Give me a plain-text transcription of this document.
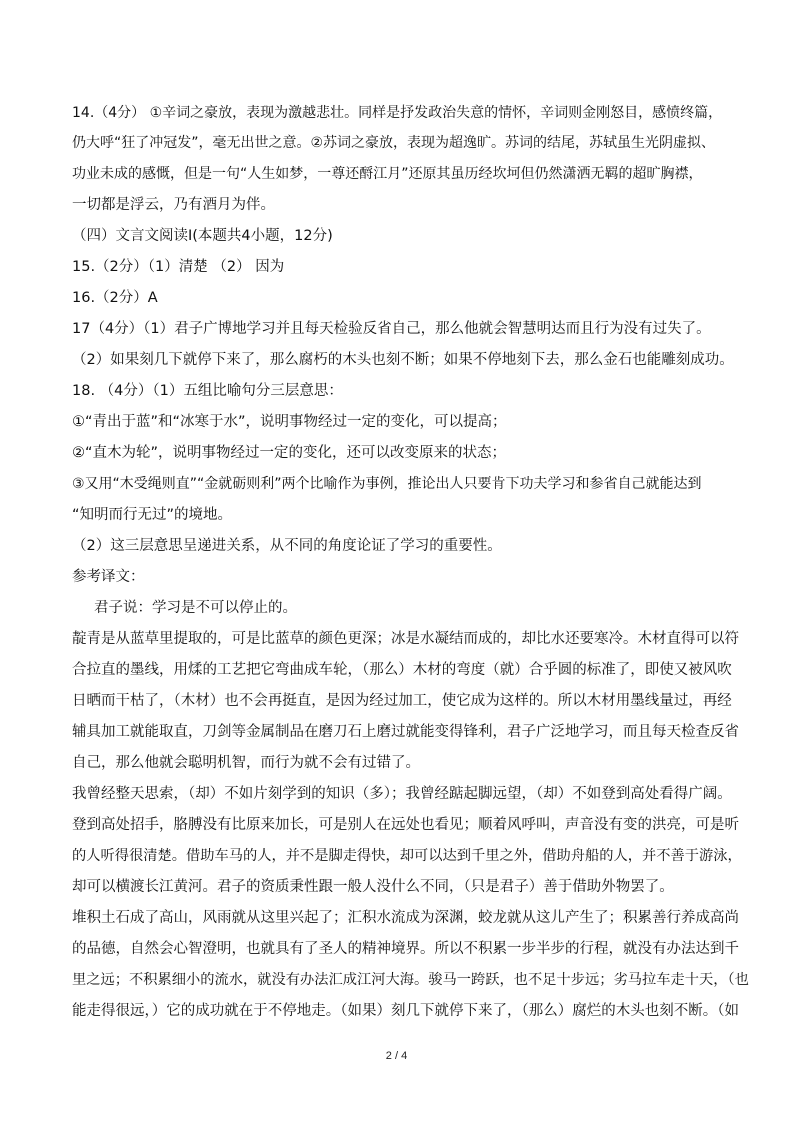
14.（4分） ①辛词之豪放，表现为激越悲壮。同样是抒发政治失意的情怀，辛词则金刚怒目，感愤终篇，
仍大呼“狂了冲冠发”，毫无出世之意。②苏词之豪放，表现为超逸旷。苏词的结尾，苏轼虽生光阴虚拟、
功业未成的感慨，但是一句“人生如梦，一尊还酹江月”还原其虽历经坎坷但仍然潇洒无羁的超旷胸襟，
一切都是浮云，乃有酒月为伴。
（四）文言文阅读Ⅰ(本题共4小题，12分)
15.（2分）（1）清楚 （2） 因为
16.（2分）A
17（4分）（1）君子广博地学习并且每天检验反省自己，那么他就会智慧明达而且行为没有过失了。
（2）如果刻几下就停下来了，那么腐朽的木头也刻不断；如果不停地刻下去，那么金石也能雕刻成功。
18. （4分）（1）五组比喻句分三层意思：
①“青出于蓝”和“冰寒于水”，说明事物经过一定的变化，可以提高；
②“直木为轮”，说明事物经过一定的变化，还可以改变原来的状态；
③又用“木受绳则直”“金就砺则利”两个比喻作为事例，推论出人只要肯下功夫学习和参省自己就能达到
“知明而行无过”的境地。
（2）这三层意思呈递进关系，从不同的角度论证了学习的重要性。
参考译文：
君子说：学习是不可以停止的。
靛青是从蓝草里提取的，可是比蓝草的颜色更深；冰是水凝结而成的，却比水还要寒冷。木材直得可以符
合拉直的墨线，用煣的工艺把它弯曲成车轮，（那么）木材的弯度（就）合乎圆的标准了，即使又被风吹
日晒而干枯了，（木材）也不会再挺直，是因为经过加工，使它成为这样的。所以木材用墨线量过，再经
辅具加工就能取直，刀剑等金属制品在磨刀石上磨过就能变得锋利，君子广泛地学习，而且每天检查反省
自己，那么他就会聪明机智，而行为就不会有过错了。
我曾经整天思索，（却）不如片刻学到的知识（多）；我曾经踮起脚远望，（却）不如登到高处看得广阔。
登到高处招手，胳膊没有比原来加长，可是别人在远处也看见；顺着风呼叫，声音没有变的洪亮，可是听
的人听得很清楚。借助车马的人，并不是脚走得快，却可以达到千里之外，借助舟船的人，并不善于游泳，
却可以横渡长江黄河。君子的资质秉性跟一般人没什么不同，（只是君子）善于借助外物罢了。
堆积土石成了高山，风雨就从这里兴起了；汇积水流成为深渊，蛟龙就从这儿产生了；积累善行养成高尚
的品德，自然会心智澄明，也就具有了圣人的精神境界。所以不积累一步半步的行程，就没有办法达到千
里之远；不积累细小的流水，就没有办法汇成江河大海。骏马一跨跃，也不足十步远；劣马拉车走十天，（也
能走得很远，）它的成功就在于不停地走。（如果）刻几下就停下来了，（那么）腐烂的木头也刻不断。（如
2 / 4
